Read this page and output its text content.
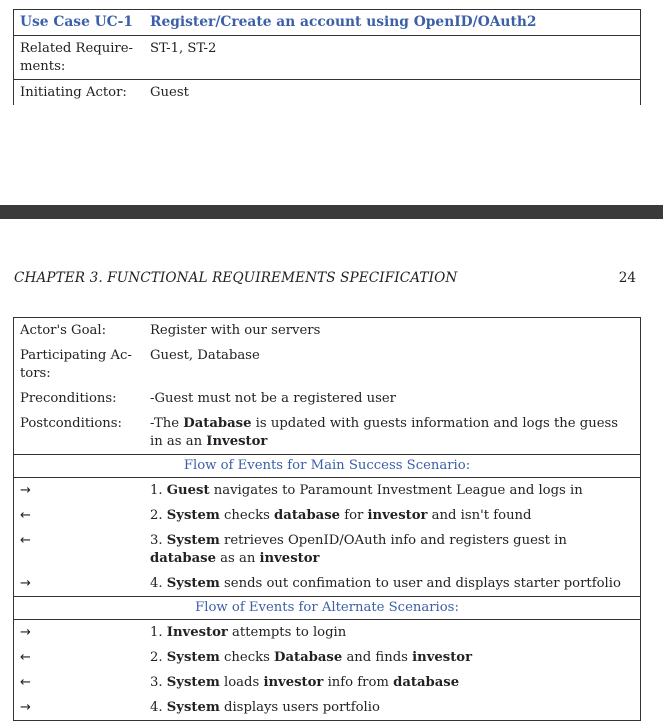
Use Case UC-1	Register/Create an account using OpenID/OAuth2
Related Require-
ments:	ST-1, ST-2
Initiating Actor:	Guest
CHAPTER 3. FUNCTIONAL REQUIREMENTS SPECIFICATION	24
Actor's Goal:	Register with our servers
Participating Ac-
tors:	Guest, Database
Preconditions:	-Guest must not be a registered user
Postconditions:	-The Database is updated with guests information and logs the guess in as an Investor
Flow of Events for Main Success Scenario:	
→	1. Guest navigates to Paramount Investment League and logs in
←	2. System checks database for investor and isn't found
←	3. System retrieves OpenID/OAuth info and registers guest in database as an investor
→	4. System sends out confimation to user and displays starter portfolio
Flow of Events for Alternate Scenarios:	
→	1. Investor attempts to login
←	2. System checks Database and finds investor
←	3. System loads investor info from database
→	4. System displays users portfolio
